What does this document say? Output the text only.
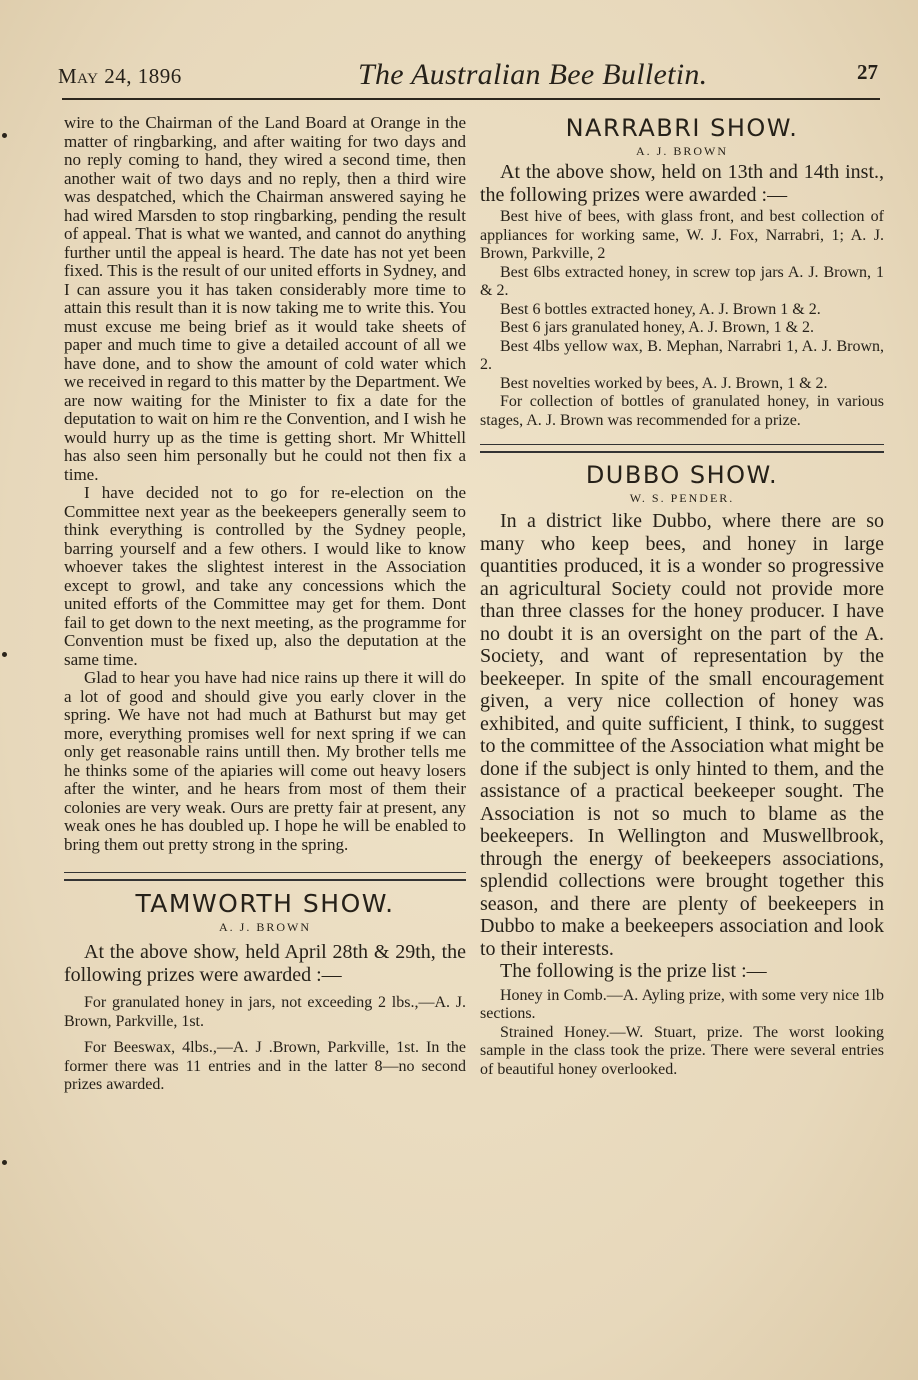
May 24, 1896	The Australian Bee Bulletin.	27

wire to the Chairman of the Land Board at Orange in the matter of ringbarking, and after waiting for two days and no reply coming to hand, they wired a second time, then another wait of two days and no reply, then a third wire was despatched, which the Chairman answered saying he had wired Marsden to stop ringbarking, pending the result of appeal. That is what we wanted, and cannot do anything further until the appeal is heard. The date has not yet been fixed. This is the result of our united efforts in Sydney, and I can assure you it has taken considerably more time to attain this result than it is now taking me to write this. You must excuse me being brief as it would take sheets of paper and much time to give a detailed account of all we have done, and to show the amount of cold water which we received in regard to this matter by the Department. We are now waiting for the Minister to fix a date for the deputation to wait on him re the Convention, and I wish he would hurry up as the time is getting short. Mr Whittell has also seen him personally but he could not then fix a time.

I have decided not to go for re-election on the Committee next year as the beekeepers generally seem to think everything is controlled by the Sydney people, barring yourself and a few others. I would like to know whoever takes the slightest interest in the Association except to growl, and take any concessions which the united efforts of the Committee may get for them. Dont fail to get down to the next meeting, as the programme for Convention must be fixed up, also the deputation at the same time.

Glad to hear you have had nice rains up there it will do a lot of good and should give you early clover in the spring. We have not had much at Bathurst but may get more, everything promises well for next spring if we can only get reasonable rains untill then. My brother tells me he thinks some of the apiaries will come out heavy losers after the winter, and he hears from most of them their colonies are very weak. Ours are pretty fair at present, any weak ones he has doubled up. I hope he will be enabled to bring them out pretty strong in the spring.

TAMWORTH SHOW.
A. J. BROWN

At the above show, held April 28th & 29th, the following prizes were awarded :—

For granulated honey in jars, not exceeding 2 lbs.,—A. J. Brown, Parkville, 1st.

For Beeswax, 4lbs.,—A. J .Brown, Parkville, 1st. In the former there was 11 entries and in the latter 8—no second prizes awarded.

NARRABRI SHOW.
A. J. BROWN

At the above show, held on 13th and 14th inst., the following prizes were awarded :—

Best hive of bees, with glass front, and best collection of appliances for working same, W. J. Fox, Narrabri, 1; A. J. Brown, Parkville, 2

Best 6lbs extracted honey, in screw top jars A. J. Brown, 1 & 2.

Best 6 bottles extracted honey, A. J. Brown 1 & 2.

Best 6 jars granulated honey, A. J. Brown, 1 & 2.

Best 4lbs yellow wax, B. Mephan, Narrabri 1, A. J. Brown, 2.

Best novelties worked by bees, A. J. Brown, 1 & 2.

For collection of bottles of granulated honey, in various stages, A. J. Brown was recommended for a prize.

DUBBO SHOW.
W. S. PENDER.

In a district like Dubbo, where there are so many who keep bees, and honey in large quantities produced, it is a wonder so progressive an agricultural Society could not provide more than three classes for the honey producer. I have no doubt it is an oversight on the part of the A. Society, and want of representation by the beekeeper. In spite of the small encouragement given, a very nice collection of honey was exhibited, and quite sufficient, I think, to suggest to the committee of the Association what might be done if the subject is only hinted to them, and the assistance of a practical beekeeper sought. The Association is not so much to blame as the beekeepers. In Wellington and Muswellbrook, through the energy of beekeepers associations, splendid collections were brought together this season, and there are plenty of beekeepers in Dubbo to make a beekeepers association and look to their interests.

The following is the prize list :—

Honey in Comb.—A. Ayling prize, with some very nice 1lb sections.

Strained Honey.—W. Stuart, prize. The worst looking sample in the class took the prize. There were several entries of beautiful honey overlooked.
